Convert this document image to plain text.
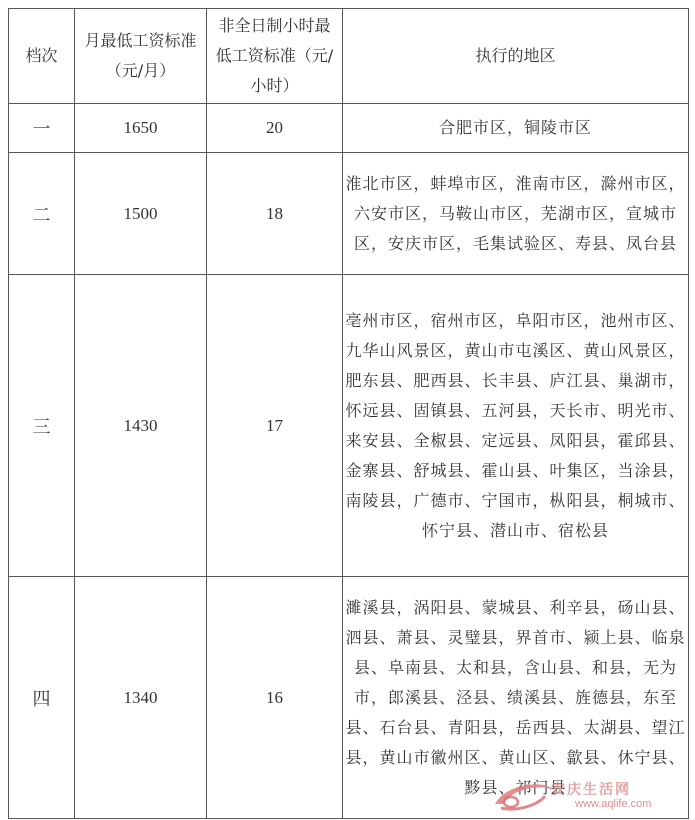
档次	月最低工资标准（元/月）	非全日制小时最低工资标准（元/小时）	执行的地区

一	1650	20	合肥市区，铜陵市区
二	1500	18	淮北市区，蚌埠市区，淮南市区，滁州市区，六安市区，马鞍山市区，芜湖市区，宣城市区，安庆市区，毛集试验区、寿县、凤台县
三	1430	17	亳州市区，宿州市区，阜阳市区，池州市区、九华山风景区，黄山市屯溪区、黄山风景区，肥东县、肥西县、长丰县、庐江县、巢湖市，怀远县、固镇县、五河县，天长市、明光市、来安县、全椒县、定远县、凤阳县，霍邱县、金寨县、舒城县、霍山县、叶集区，当涂县，南陵县，广德市、宁国市，枞阳县，桐城市、怀宁县、潜山市、宿松县
四	1340	16	濉溪县，涡阳县、蒙城县、利辛县，砀山县、泗县、萧县、灵璧县，界首市、颍上县、临泉县、阜南县、太和县，含山县、和县，无为市，郎溪县、泾县、绩溪县、旌德县，东至县、石台县、青阳县，岳西县、太湖县、望江县，黄山市徽州区、黄山区、歙县、休宁县、黟县、祁门县
安庆生活网
www.aqlife.com
